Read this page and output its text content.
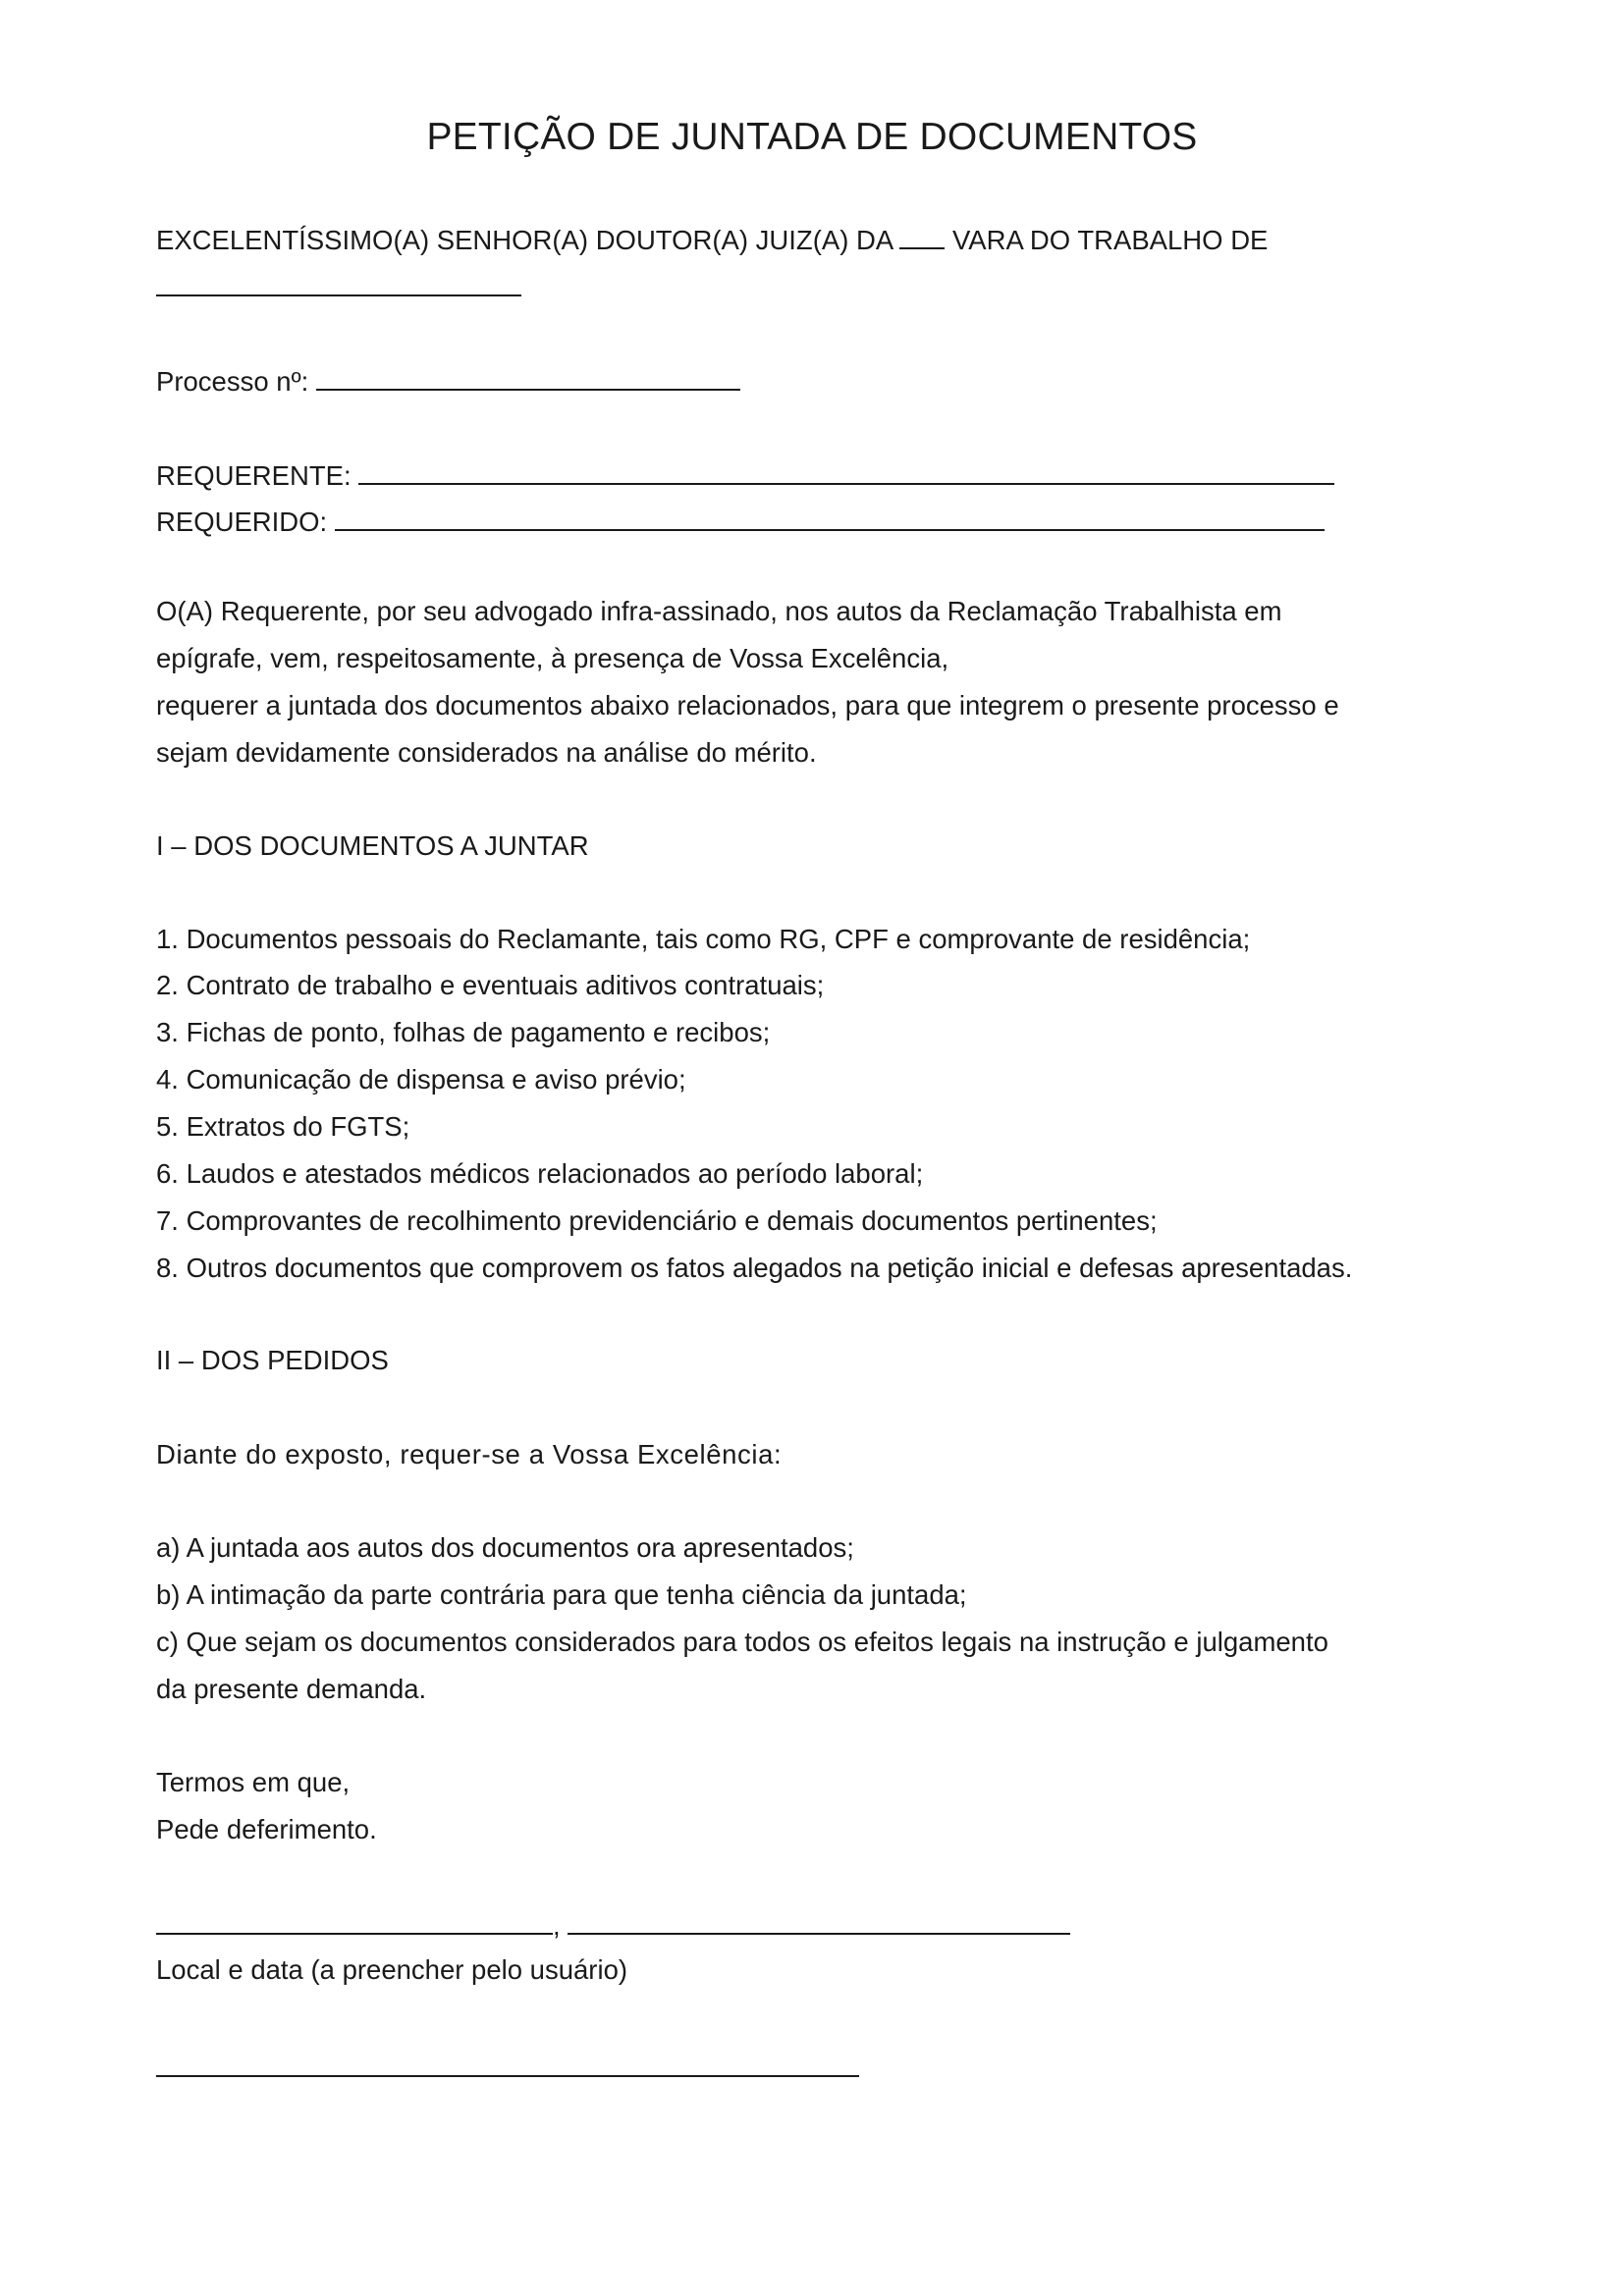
PETIÇÃO DE JUNTADA DE DOCUMENTOS
EXCELENTÍSSIMO(A) SENHOR(A) DOUTOR(A) JUIZ(A) DA VARA DO TRABALHO DE
Processo nº:
REQUERENTE:
REQUERIDO:
O(A) Requerente, por seu advogado infra-assinado, nos autos da Reclamação Trabalhista em
epígrafe, vem, respeitosamente, à presença de Vossa Excelência,
requerer a juntada dos documentos abaixo relacionados, para que integrem o presente processo e
sejam devidamente considerados na análise do mérito.
I – DOS DOCUMENTOS A JUNTAR
1. Documentos pessoais do Reclamante, tais como RG, CPF e comprovante de residência;
2. Contrato de trabalho e eventuais aditivos contratuais;
3. Fichas de ponto, folhas de pagamento e recibos;
4. Comunicação de dispensa e aviso prévio;
5. Extratos do FGTS;
6. Laudos e atestados médicos relacionados ao período laboral;
7. Comprovantes de recolhimento previdenciário e demais documentos pertinentes;
8. Outros documentos que comprovem os fatos alegados na petição inicial e defesas apresentadas.
II – DOS PEDIDOS
Diante do exposto, requer-se a Vossa Excelência:
a) A juntada aos autos dos documentos ora apresentados;
b) A intimação da parte contrária para que tenha ciência da juntada;
c) Que sejam os documentos considerados para todos os efeitos legais na instrução e julgamento
da presente demanda.
Termos em que,
Pede deferimento.
,
Local e data (a preencher pelo usuário)
